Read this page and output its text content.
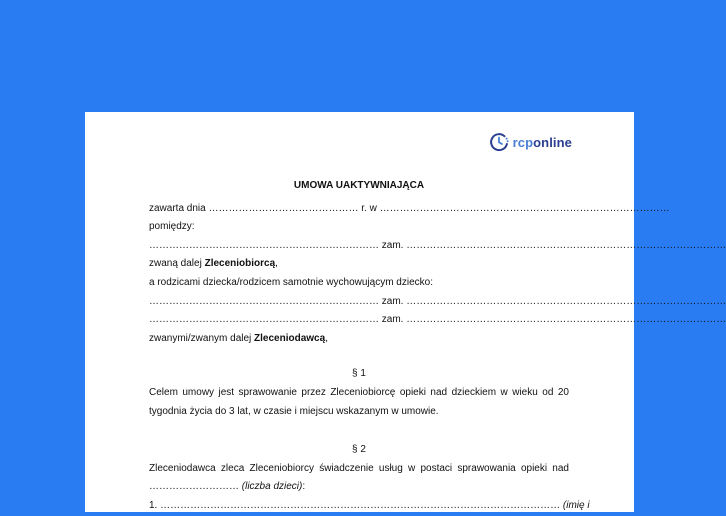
rcponline
UMOWA UAKTYWNIAJĄCA
zawarta dnia ……………………………………… r. w ……………………………………………………………………………
pomiędzy:
…………………………………………………………… zam. ……………………………………………………………………………………
zwaną dalej Zleceniobiorcą,
a rodzicami dziecka/rodzicem samotnie wychowującym dziecko:
…………………………………………………………… zam. ……………………………………………………………………………………
…………………………………………………………… zam. ……………………………………………………………………………………
zwanymi/zwanym dalej Zleceniodawcą,
§ 1
Celem umowy jest sprawowanie przez Zleceniobiorcę opieki nad dzieckiem w wieku od 20
tygodnia życia do 3 lat, w czasie i miejscu wskazanym w umowie.
§ 2
Zleceniodawca zleca Zleceniobiorcy świadczenie usług w postaci sprawowania opieki nad
……………………… (liczba dzieci):
1. ………………………………………………………………………………………………………… (imię i
